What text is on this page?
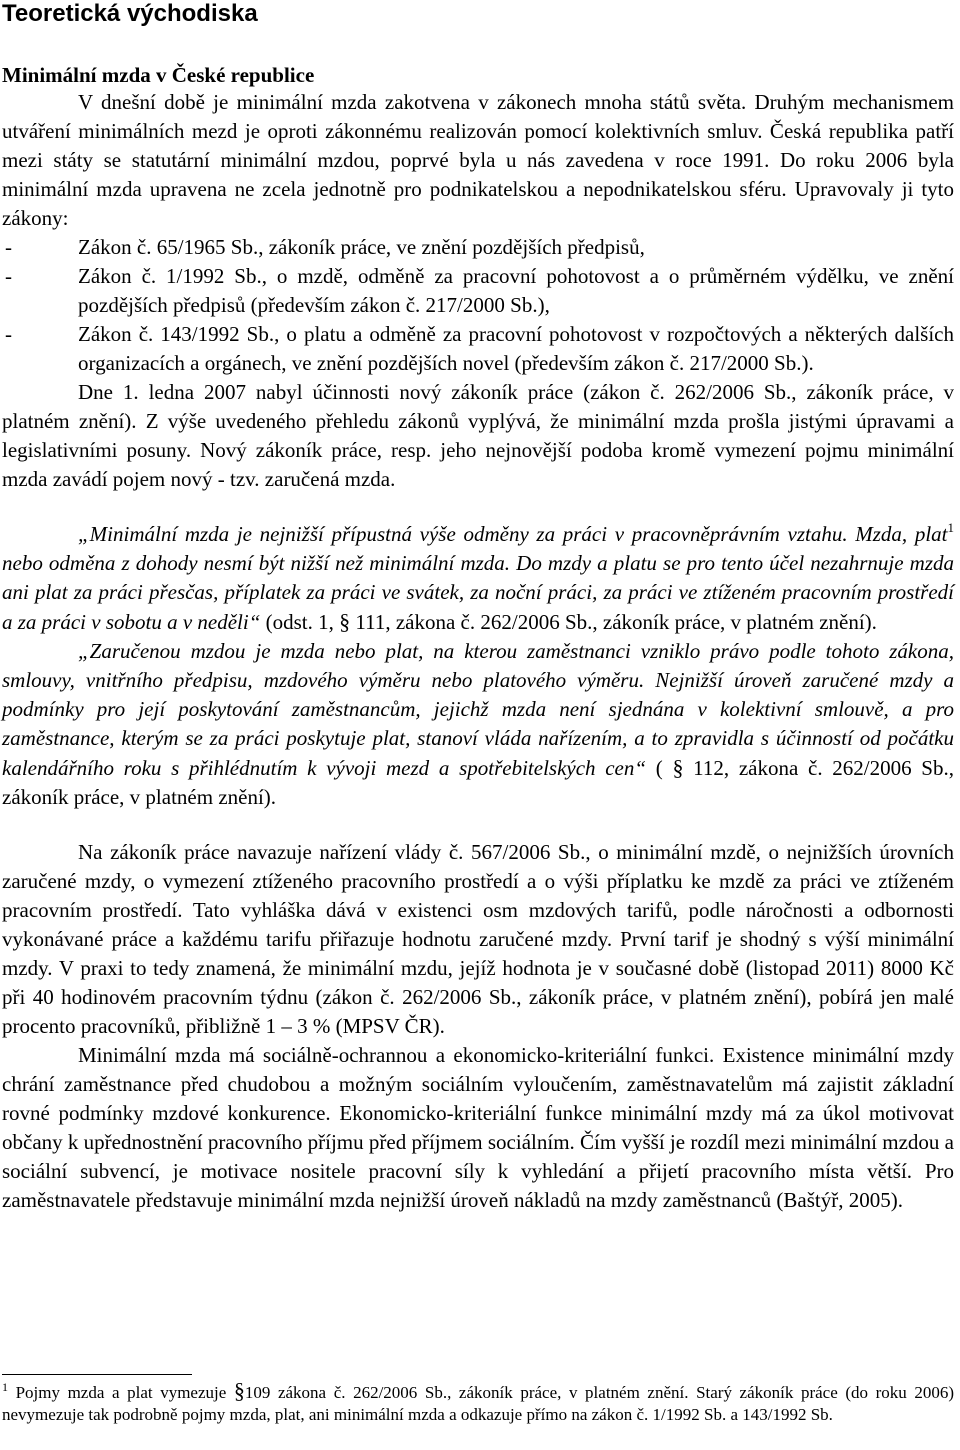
Teoretická východiska
Minimální mzda v České republice

V dnešní době je minimální mzda zakotvena v zákonech mnoha států světa. Druhým mechanismem utváření minimálních mezd je oproti zákonnému realizován pomocí kolektivních smluv. Česká republika patří mezi státy se statutární minimální mzdou, poprvé byla u nás zavedena v roce 1991. Do roku 2006 byla minimální mzda upravena ne zcela jednotně pro podnikatelskou a nepodnikatelskou sféru. Upravovaly ji tyto zákony:

- Zákon č. 65/1965 Sb., zákoník práce, ve znění pozdějších předpisů,
- Zákon č. 1/1992 Sb., o mzdě, odměně za pracovní pohotovost a o průměrném výdělku, ve znění pozdějších předpisů (především zákon č. 217/2000 Sb.),
- Zákon č. 143/1992 Sb., o platu a odměně za pracovní pohotovost v rozpočtových a některých dalších organizacích a orgánech, ve znění pozdějších novel (především zákon č. 217/2000 Sb.).

Dne 1. ledna 2007 nabyl účinnosti nový zákoník práce (zákon č. 262/2006 Sb., zákoník práce, v platném znění). Z výše uvedeného přehledu zákonů vyplývá, že minimální mzda prošla jistými úpravami a legislativními posuny. Nový zákoník práce, resp. jeho nejnovější podoba kromě vymezení pojmu minimální mzda zavádí pojem nový - tzv. zaručená mzda.

„Minimální mzda je nejnižší přípustná výše odměny za práci v pracovněprávním vztahu. Mzda, plat$^1$ nebo odměna z dohody nesmí být nižší než minimální mzda. Do mzdy a platu se pro tento účel nezahrnuje mzda ani plat za práci přesčas, příplatek za práci ve svátek, za noční práci, za práci ve ztíženém pracovním prostředí a za práci v sobotu a v neděli“ (odst. 1, § 111, zákona č. 262/2006 Sb., zákoník práce, v platném znění).

„Zaručenou mzdou je mzda nebo plat, na kterou zaměstnanci vzniklo právo podle tohoto zákona, smlouvy, vnitřního předpisu, mzdového výměru nebo platového výměru. Nejnižší úroveň zaručené mzdy a podmínky pro její poskytování zaměstnancům, jejichž mzda není sjednána v kolektivní smlouvě, a pro zaměstnance, kterým se za práci poskytuje plat, stanoví vláda nařízením, a to zpravidla s účinností od počátku kalendářního roku s přihlédnutím k vývoji mezd a spotřebitelských cen“ ( § 112, zákona č. 262/2006 Sb., zákoník práce, v platném znění).

Na zákoník práce navazuje nařízení vlády č. 567/2006 Sb., o minimální mzdě, o nejnižších úrovních zaručené mzdy, o vymezení ztíženého pracovního prostředí a o výši příplatku ke mzdě za práci ve ztíženém pracovním prostředí. Tato vyhláška dává v existenci osm mzdových tarifů, podle náročnosti a odbornosti vykonávané práce a každému tarifu přiřazuje hodnotu zaručené mzdy. První tarif je shodný s výší minimální mzdy. V praxi to tedy znamená, že minimální mzdu, jejíž hodnota je v současné době (listopad 2011) 8000 Kč při 40 hodinovém pracovním týdnu (zákon č. 262/2006 Sb., zákoník práce, v platném znění), pobírá jen malé procento pracovníků, přibližně 1 – 3 % (MPSV ČR).

Minimální mzda má sociálně-ochrannou a ekonomicko-kriteriální funkci. Existence minimální mzdy chrání zaměstnance před chudobou a možným sociálním vyloučením, zaměstnavatelům má zajistit základní rovné podmínky mzdové konkurence. Ekonomicko-kriteriální funkce minimální mzdy má za úkol motivovat občany k upřednostnění pracovního příjmu před příjmem sociálním. Čím vyšší je rozdíl mezi minimální mzdou a sociální subvencí, je motivace nositele pracovní síly k vyhledání a přijetí pracovního místa větší. Pro zaměstnavatele představuje minimální mzda nejnižší úroveň nákladů na mzdy zaměstnanců (Baštýř, 2005).

$^1$ Pojmy mzda a plat vymezuje §109 zákona č. 262/2006 Sb., zákoník práce, v platném znění. Starý zákoník práce (do roku 2006) nevymezuje tak podrobně pojmy mzda, plat, ani minimální mzda a odkazuje přímo na zákon č. 1/1992 Sb. a 143/1992 Sb.
